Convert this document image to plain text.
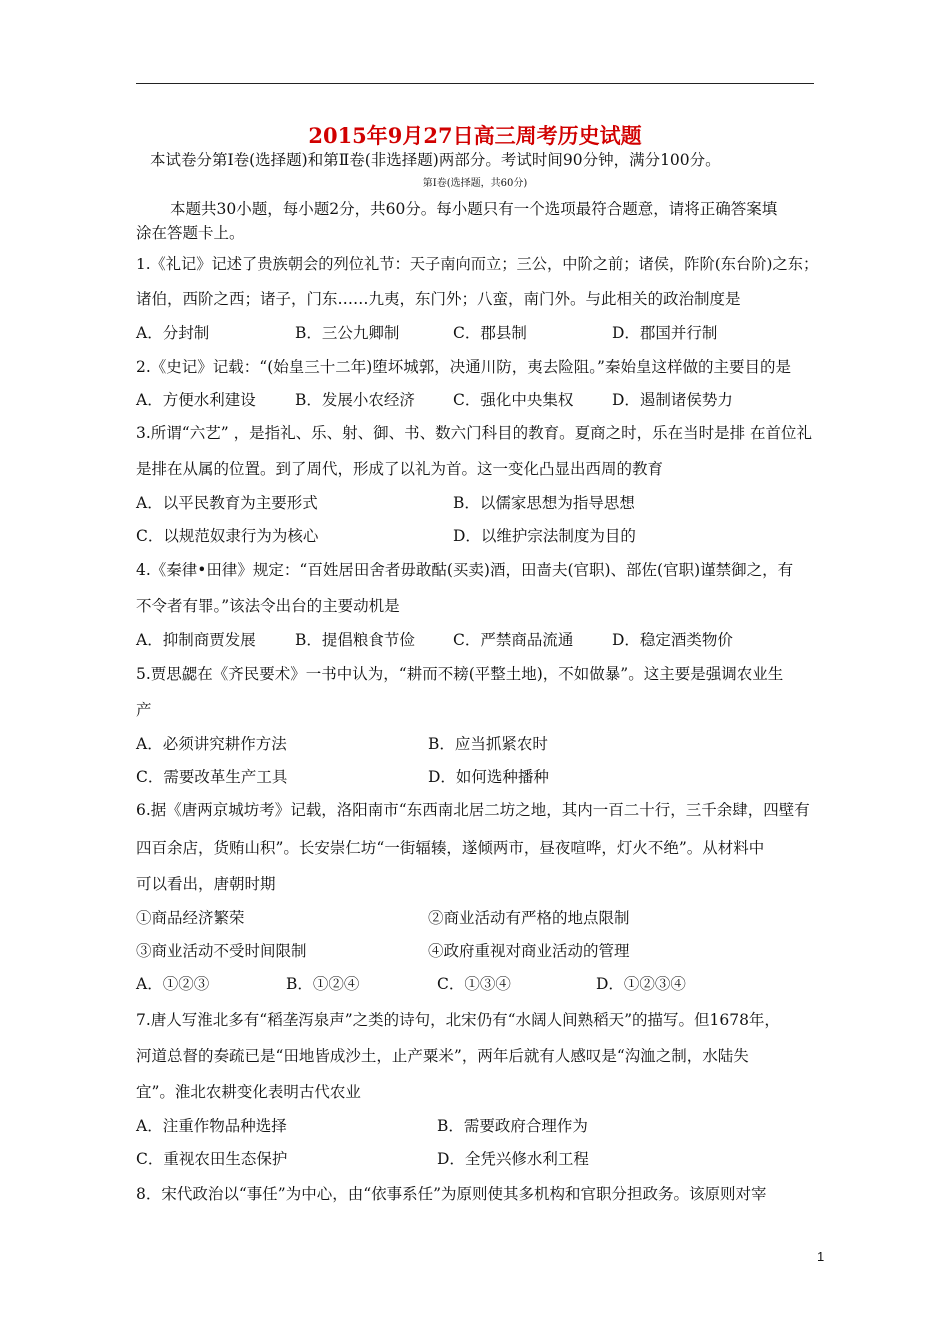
2015年9月27日高三周考历史试题
本试卷分第Ⅰ卷(选择题)和第Ⅱ卷(非选择题)两部分。考试时间90分钟，满分100分。
第Ⅰ卷(选择题，共60分)
本题共30小题，每小题2分，共60分。每小题只有一个选项最符合题意，请将正确答案填
涂在答题卡上。
1.《礼记》记述了贵族朝会的列位礼节：天子南向而立；三公，中阶之前；诸侯，阼阶(东台阶)之东；
诸伯，西阶之西；诸子，门东……九夷，东门外；八蛮，南门外。与此相关的政治制度是
A．分封制	B．三公九卿制	C．郡县制	D．郡国并行制
2.《史记》记载：“(始皇三十二年)堕坏城郭，决通川防，夷去险阻。”秦始皇这样做的主要目的是
A．方便水利建设	B．发展小农经济 C．强化中央集权 D．遏制诸侯势力
3.所谓“六艺” ，是指礼、乐、射、御、书、数六门科目的教育。夏商之时，乐在当时是排 在首位礼
是排在从属的位置。到了周代，形成了以礼为首。这一变化凸显出西周的教育
A．以平民教育为主要形式	B．以儒家思想为指导思想
C．以规范奴隶行为为核心	D．以维护宗法制度为目的
4.《秦律•田律》规定：“百姓居田舍者毋敢酤(买卖)酒，田啬夫(官职)、部佐(官职)谨禁御之，有
不令者有罪。”该法令出台的主要动机是
A．抑制商贾发展	B．提倡粮食节俭 C．严禁商品流通 D．稳定酒类物价
5.贾思勰在《齐民要术》一书中认为，“耕而不耪(平整土地)，不如做暴”。这主要是强调农业生
产
A．必须讲究耕作方法	B．应当抓紧农时
C．需要改革生产工具	D．如何选种播种
6.据《唐两京城坊考》记载，洛阳南市“东西南北居二坊之地，其内一百二十行，三千余肆，四壁有
四百余店，货贿山积”。长安崇仁坊“一街辐辏，遂倾两市，昼夜喧哗，灯火不绝”。从材料中
可以看出，唐朝时期
①商品经济繁荣	②商业活动有严格的地点限制
③商业活动不受时间限制	④政府重视对商业活动的管理
A．①②③	B．①②④	C．①③④	D．①②③④
7.唐人写淮北多有“稻垄泻泉声”之类的诗句，北宋仍有“水阔人间熟稻天”的描写。但1678年，
河道总督的奏疏已是“田地皆成沙土，止产粟米”，两年后就有人感叹是“沟洫之制，水陆失
宜”。淮北农耕变化表明古代农业
A．注重作物品种选择	B．需要政府合理作为
C．重视农田生态保护	D．全凭兴修水利工程
8．宋代政治以“事任”为中心，由“依事系任”为原则使其多机构和官职分担政务。该原则对宰
1
